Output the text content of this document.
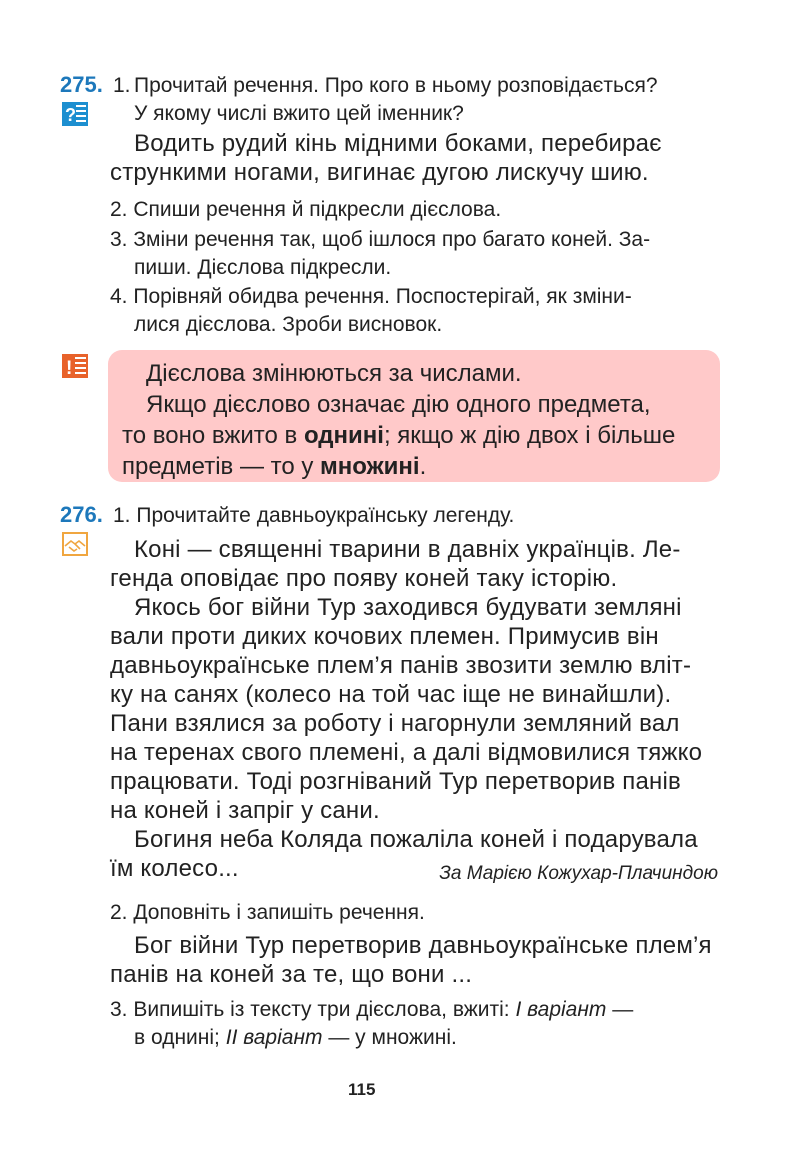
275.
?
1. Прочитай речення. Про кого в ньому розповідається?
У якому числі вжито цей іменник?
Водить рудий кінь мідними боками, перебирає
стрункими ногами, вигинає дугою лискучу шию.
2. Спиши речення й підкресли дієслова.
3. Зміни речення так, щоб ішлося про багато коней. За-
пиши. Дієслова підкресли.
4. Порівняй обидва речення. Поспостерігай, як зміни-
лися дієслова. Зроби висновок.
!	Дієслова змінюються за числами.

Якщо дієслово означає дію одного предмета,

то воно вжито в однині; якщо ж дію двох і більше

предметів — то у множині.

276. 1. Прочитайте давньоукраїнську легенду.
Коні — священні тварини в давніх українців. Ле-
генда оповідає про появу коней таку історію.
Якось бог війни Тур заходився будувати земляні
вали проти диких кочових племен. Примусив він
давньоукраїнське плем’я панів звозити землю вліт-
ку на санях (колесо на той час іще не винайшли).
Пани взялися за роботу і нагорнули земляний вал
на теренах свого племені, а далі відмовилися тяжко
працювати. Тоді розгніваний Тур перетворив панів
на коней і запріг у сани.
Богиня неба Коляда пожаліла коней і подарувала
їм колесо...	За Марією Кожухар-Плачиндою
2. Доповніть і запишіть речення.
Бог війни Тур перетворив давньоукраїнське плем’я
панів на коней за те, що вони ...
3. Випишіть із тексту три дієслова, вжиті: І варіант —
в однині; ІІ варіант — у множині.
115
